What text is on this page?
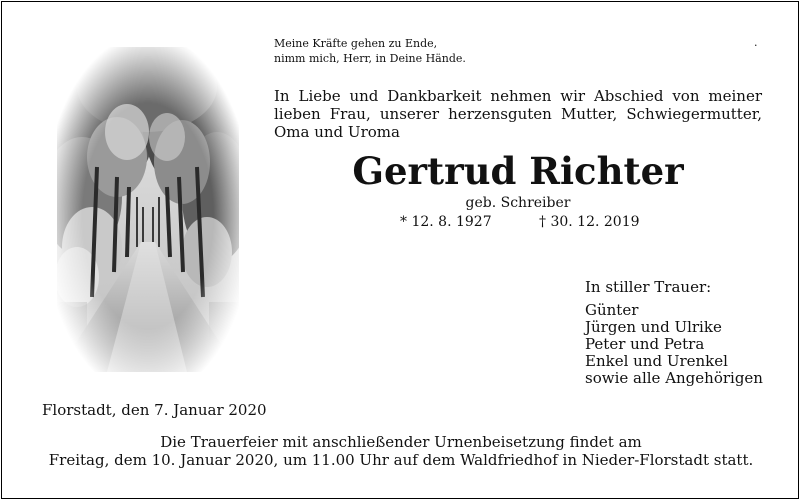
Meine Kräfte gehen zu Ende,
nimm mich, Herr, in Deine Hände.
.
In Liebe und Dankbarkeit nehmen wir Abschied von meiner lieben Frau, unserer herzensguten Mutter, Schwiegermutter, Oma und Uroma
Gertrud Richter
geb. Schreiber
* 12. 8. 1927	† 30. 12. 2019
In stiller Trauer:
Günter
Jürgen und Ulrike
Peter und Petra
Enkel und Urenkel
sowie alle Angehörigen
Florstadt, den 7. Januar 2020
Die Trauerfeier mit anschließender Urnenbeisetzung findet am
Freitag, dem 10. Januar 2020, um 11.00 Uhr auf dem Waldfriedhof in Nieder-Florstadt statt.
